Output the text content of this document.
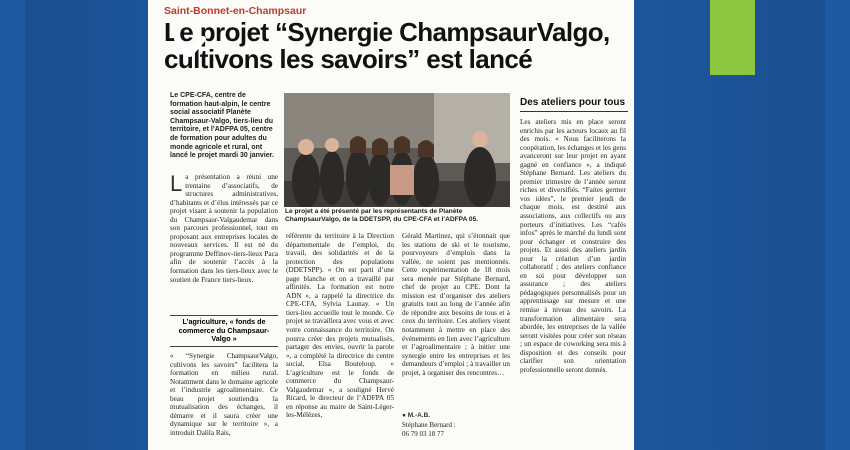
Saint-Bonnet-en-Champsaur
Le projet “Synergie ChampsaurValgo, cultivons les savoirs” est lancé
Le CPE-CFA, centre de formation haut-alpin, le centre social associatif Planète Champsaur-Valgo, tiers-lieu du territoire, et l’ADFPA 05, centre de formation pour adultes du monde agricole et rural, ont lancé le projet mardi 30 janvier.
Le projet a été présenté par les représentants de Planète ChampsaurValgo, de la DDETSPP, du CPE-CFA et l’ADFPA 05.
La présentation a réuni une trentaine d’associatifs, de structures administratives, d’habitants et d’élus intéressés par ce projet visant à soutenir la population du Champsaur-Valgaudemar dans son parcours professionnel, tout en proposant aux entreprises locales de nouveaux services. Il est né du programme Deffinov-tiers-lieux Paca afin de soutenir l’accès à la formation dans les tiers-lieux avec le soutien de France tiers-lieux.
L’agriculture, « fonds de commerce du Champsaur-Valgo »
« “Synergie ChampsaurValgo, cultivons les savoirs” facilitera la formation en milieu rural. Notamment dans le domaine agricole et l’industrie agroalimentaire. Ce beau projet soutiendra la mutualisation des échanges, il démarre et il saura créer une dynamique sur le territoire », a introduit Dalila Rais,
référente du territoire à la Direction départementale de l’emploi, du travail, des solidarités et de la protection des populations (DDETSPP). « On est parti d’une page blanche et on a travaillé par affinités. La formation est notre ADN », a rappelé la directrice du CPE-CFA, Sylvia Launay. « Un tiers-lieu accueille tout le monde. Ce projet se travaillera avec vous et avec votre connaissance du territoire. On pourra créer des projets mutualisés, partager des envies, ouvrir la parole », a complété la directrice du centre social, Elsa Bouteloup. « L’agriculture est le fonds de commerce du Champsaur-Valgaudemar », a souligné Hervé Ricard, le directeur de l’ADFPA 05 en réponse au maire de Saint-Léger-les-Mélèzes,
Gérald Martinez, qui s’étonnait que les stations de ski et le tourisme, pourvoyeurs d’emplois dans la vallée, ne soient pas mentionnés. Cette expérimentation de 18 mois sera menée par Stéphane Bernard, chef de projet au CPE. Dont la mission est d’organiser des ateliers gratuits tout au long de l’année afin de répondre aux besoins de tous et à ceux du territoire. Ces ateliers visent notamment à mettre en place des événements en lien avec l’agriculture et l’agroalimentaire ; à initier une synergie entre les entreprises et les demandeurs d’emploi ; à travailler un projet, à organiser des rencontres…
● M.-A.B.
Stéphane Bernard :
06 79 03 18 77
Des ateliers pour tous
Les ateliers mis en place seront enrichis par les acteurs locaux au fil des mois. « Nous faciliterons la coopération, les échanges et les gens avanceront sur leur projet en ayant gagné en confiance », a indiqué Stéphane Bernard. Les ateliers du premier trimestre de l’année seront riches et diversifiés. “Faites germer vos idées”, le premier jeudi de chaque mois, est destiné aux associations, aux collectifs ou aux porteurs d’initiatives. Les “cafés infos” après le marché du lundi sont pour échanger et construire des projets. Et aussi des ateliers jardin pour la création d’un jardin collaboratif ; des ateliers confiance en soi pour développer son assurance ; des ateliers pédagogiques personnalisés pour un apprentissage sur mesure et une remise à niveau des savoirs. La transformation alimentaire sera abordée, les entreprises de la vallée seront visitées pour créer son réseau ; un espace de coworking sera mis à disposition et des conseils pour clarifier son orientation professionnelle seront donnés.
